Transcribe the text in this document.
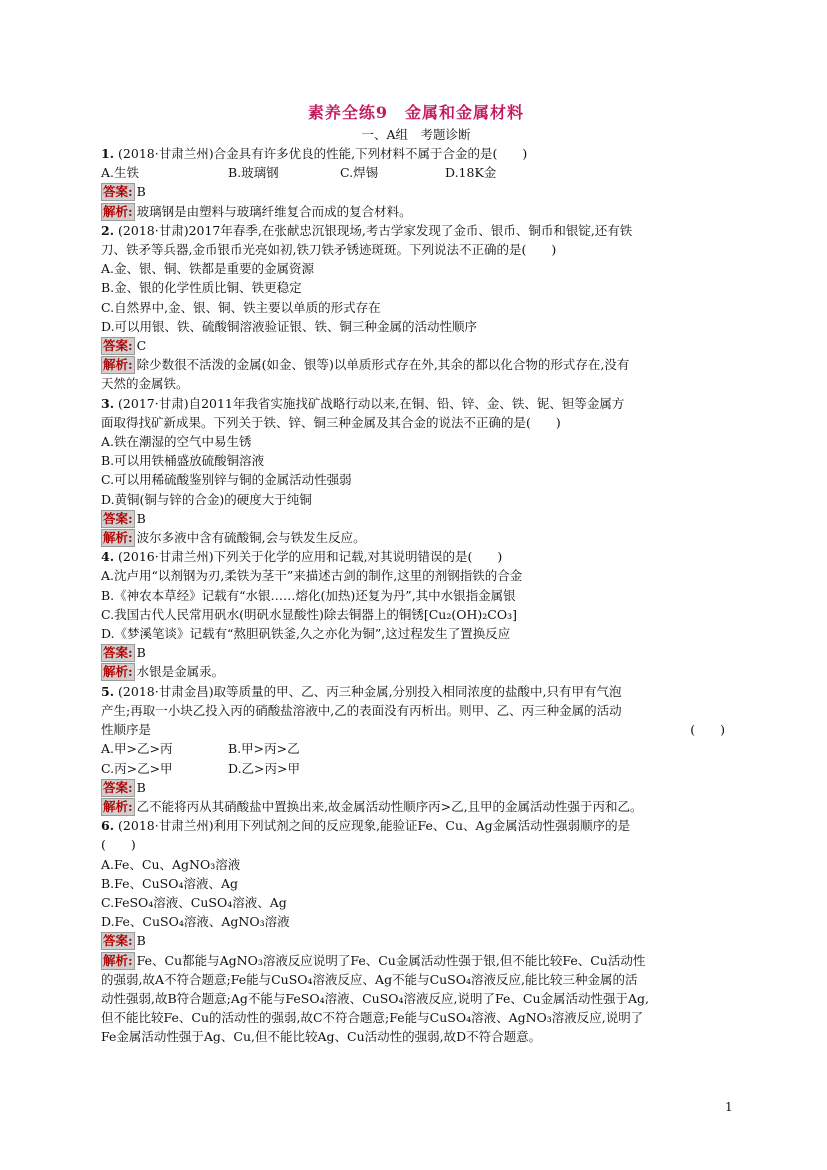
素养全练9　金属和金属材料
一、A组　考题诊断
1. (2018·甘肃兰州)合金具有许多优良的性能,下列材料不属于合金的是(　　)
A.生铁	B.玻璃钢	C.焊锡	D.18K金
答案: B
解析: 玻璃钢是由塑料与玻璃纤维复合而成的复合材料。
2. (2018·甘肃)2017年春季,在张献忠沉银现场,考古学家发现了金币、银币、铜币和银锭,还有铁
刀、铁矛等兵器,金币银币光亮如初,铁刀铁矛锈迹斑斑。下列说法不正确的是(　　)
A.金、银、铜、铁都是重要的金属资源
B.金、银的化学性质比铜、铁更稳定
C.自然界中,金、银、铜、铁主要以单质的形式存在
D.可以用银、铁、硫酸铜溶液验证银、铁、铜三种金属的活动性顺序
答案: C
解析: 除少数很不活泼的金属(如金、银等)以单质形式存在外,其余的都以化合物的形式存在,没有
天然的金属铁。
3. (2017·甘肃)自2011年我省实施找矿战略行动以来,在铜、铅、锌、金、铁、铌、钽等金属方
面取得找矿新成果。下列关于铁、锌、铜三种金属及其合金的说法不正确的是(　　)
A.铁在潮湿的空气中易生锈
B.可以用铁桶盛放硫酸铜溶液
C.可以用稀硫酸鉴别锌与铜的金属活动性强弱
D.黄铜(铜与锌的合金)的硬度大于纯铜
答案: B
解析: 波尔多液中含有硫酸铜,会与铁发生反应。
4. (2016·甘肃兰州)下列关于化学的应用和记载,对其说明错误的是(　　)
A.沈卢用“以剂钢为刃,柔铁为茎干”来描述古剑的制作,这里的剂钢指铁的合金
B.《神农本草经》记载有“水银……熔化(加热)还复为丹”,其中水银指金属银
C.我国古代人民常用矾水(明矾水显酸性)除去铜器上的铜锈[Cu₂(OH)₂CO₃]
D.《梦溪笔谈》记载有“熬胆矾铁釜,久之亦化为铜”,这过程发生了置换反应
答案: B
解析: 水银是金属汞。
5. (2018·甘肃金昌)取等质量的甲、乙、丙三种金属,分别投入相同浓度的盐酸中,只有甲有气泡
产生;再取一小块乙投入丙的硝酸盐溶液中,乙的表面没有丙析出。则甲、乙、丙三种金属的活动
性顺序是	(　　)
A.甲>乙>丙	B.甲>丙>乙
C.丙>乙>甲	D.乙>丙>甲
答案: B
解析: 乙不能将丙从其硝酸盐中置换出来,故金属活动性顺序丙>乙,且甲的金属活动性强于丙和乙。
6. (2018·甘肃兰州)利用下列试剂之间的反应现象,能验证Fe、Cu、Ag金属活动性强弱顺序的是
(　　)
A.Fe、Cu、AgNO₃溶液
B.Fe、CuSO₄溶液、Ag
C.FeSO₄溶液、CuSO₄溶液、Ag
D.Fe、CuSO₄溶液、AgNO₃溶液
答案: B
解析: Fe、Cu都能与AgNO₃溶液反应说明了Fe、Cu金属活动性强于银,但不能比较Fe、Cu活动性
的强弱,故A不符合题意;Fe能与CuSO₄溶液反应、Ag不能与CuSO₄溶液反应,能比较三种金属的活
动性强弱,故B符合题意;Ag不能与FeSO₄溶液、CuSO₄溶液反应,说明了Fe、Cu金属活动性强于Ag,
但不能比较Fe、Cu的活动性的强弱,故C不符合题意;Fe能与CuSO₄溶液、AgNO₃溶液反应,说明了
Fe金属活动性强于Ag、Cu,但不能比较Ag、Cu活动性的强弱,故D不符合题意。
1
